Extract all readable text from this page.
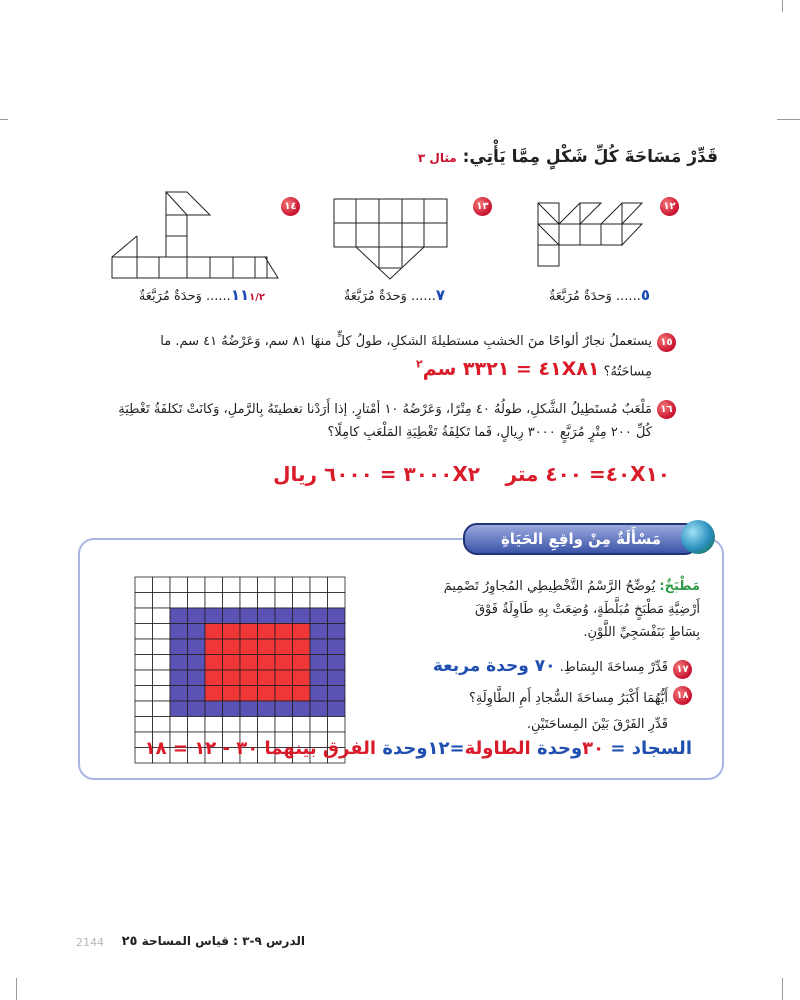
قَدِّرْ مَسَاحَةَ كُلِّ شَكْلٍ مِمَّا يَأْتِي: مثال ٣
١٢
١٣
١٤
٥...... وَحدَةٌ مُرَبَّعَةٌ
٧...... وَحدَةٌ مُرَبَّعَةٌ
١١١/٢...... وَحدَةٌ مُرَبَّعَةٌ
١٥
يستعملُ نجارٌ ألواحًا منَ الخشبِ مستطيلةَ الشكلِ، طولُ كلٍّ منهَا ٨١ سم، وَعَرْضُهُ ٤١ سم. ما
مِساحَتُهُ؟ ٤١X٨١ = ٣٣٢١ سم$^٢$
١٦
مَلْعَبٌ مُستَطِيلُ الشَّكلِ، طولُهُ ٤٠ مِتْرًا، وَعَرْضُهُ ١٠ أمْتارٍ. إذا أَرَدْنا تغطيتَهُ بِالرَّملِ، وَكانَتْ تَكلفَةُ تَغْطِيَةِ
كُلِّ ٢٠٠ مِتْرٍ مُرَبَّعٍ ٣٠٠٠ رِيالٍ، فَما تَكلِفَةُ تَغْطِيَةِ المَلْعَبِ كامِلًا؟
٤٠X١٠= ٤٠٠ متر
٣٠٠٠X٢ = ٦٠٠٠ ريال
مَسْأَلَةٌ مِنْ واقِعِ الحَيَاةِ
مَطْبَخٌ: يُوضِّحُ الرَّسْمُ التَّخْطِيطِي المُجاوِرُ تَصْمِيمَ
أَرْضِيَّةِ مَطْبَخٍ مُبَلَّطَةٍ، وُضِعَتْ بِهِ طَاوِلَةٌ فَوْقَ
بِسَاطٍ بَنَفْسَجِيِّ اللَّوْنِ.
١٧
قَدِّرْ مِساحَةَ البِسَاطِ. ٧٠ وحدة مربعة
١٨
أَيُّهُمَا أَكْبَرُ مِساحَةَ السُّجادِ أَمِ الطَّاوِلَةِ؟
قَدِّرِ الفَرْقَ بَيْنَ المِساحَتَيْنِ.
السجاد = ٣٠وحدة الطاولة=١٢وحدة الفرق بينهما ٣٠ - ١٢ = ١٨
الدرس ٩-٣ : قياس المساحة ٢٥
2144
